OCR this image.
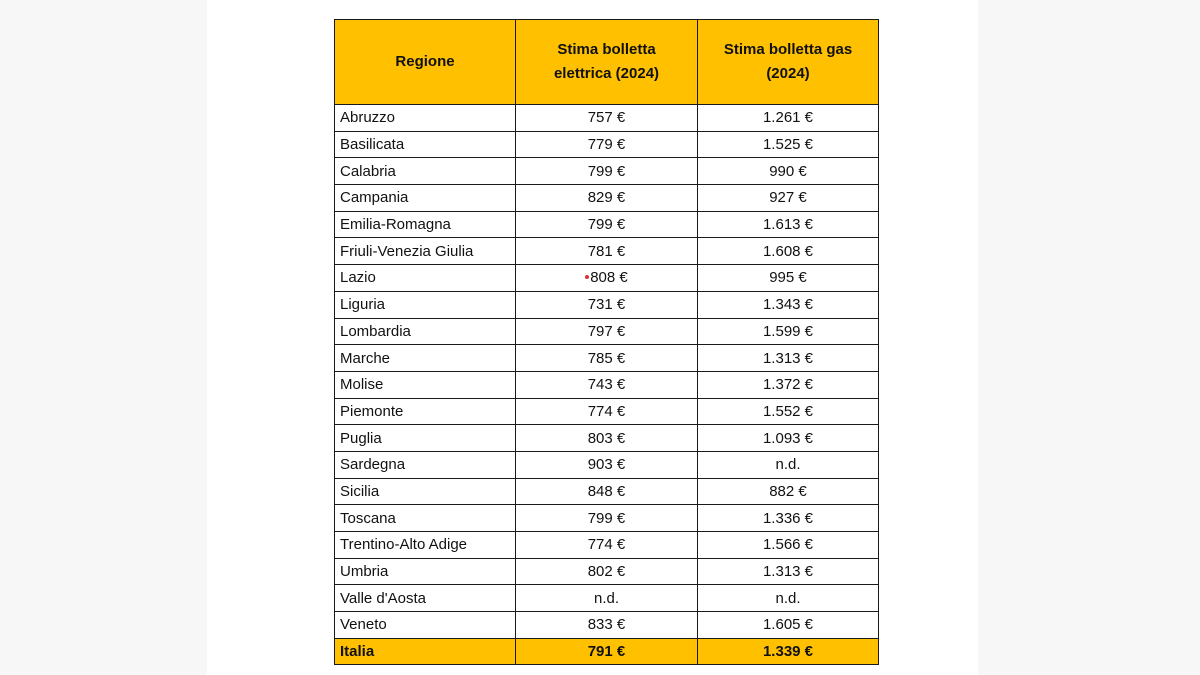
Regione	Stima bolletta elettrica (2024)	Stima bolletta gas (2024)

Abruzzo	757 €	1.261 €
Basilicata	779 €	1.525 €
Calabria	799 €	990 €
Campania	829 €	927 €
Emilia-Romagna	799 €	1.613 €
Friuli-Venezia Giulia	781 €	1.608 €
Lazio	808 €	995 €
Liguria	731 €	1.343 €
Lombardia	797 €	1.599 €
Marche	785 €	1.313 €
Molise	743 €	1.372 €
Piemonte	774 €	1.552 €
Puglia	803 €	1.093 €
Sardegna	903 €	n.d.
Sicilia	848 €	882 €
Toscana	799 €	1.336 €
Trentino-Alto Adige	774 €	1.566 €
Umbria	802 €	1.313 €
Valle d'Aosta	n.d.	n.d.
Veneto	833 €	1.605 €
Italia	791 €	1.339 €
